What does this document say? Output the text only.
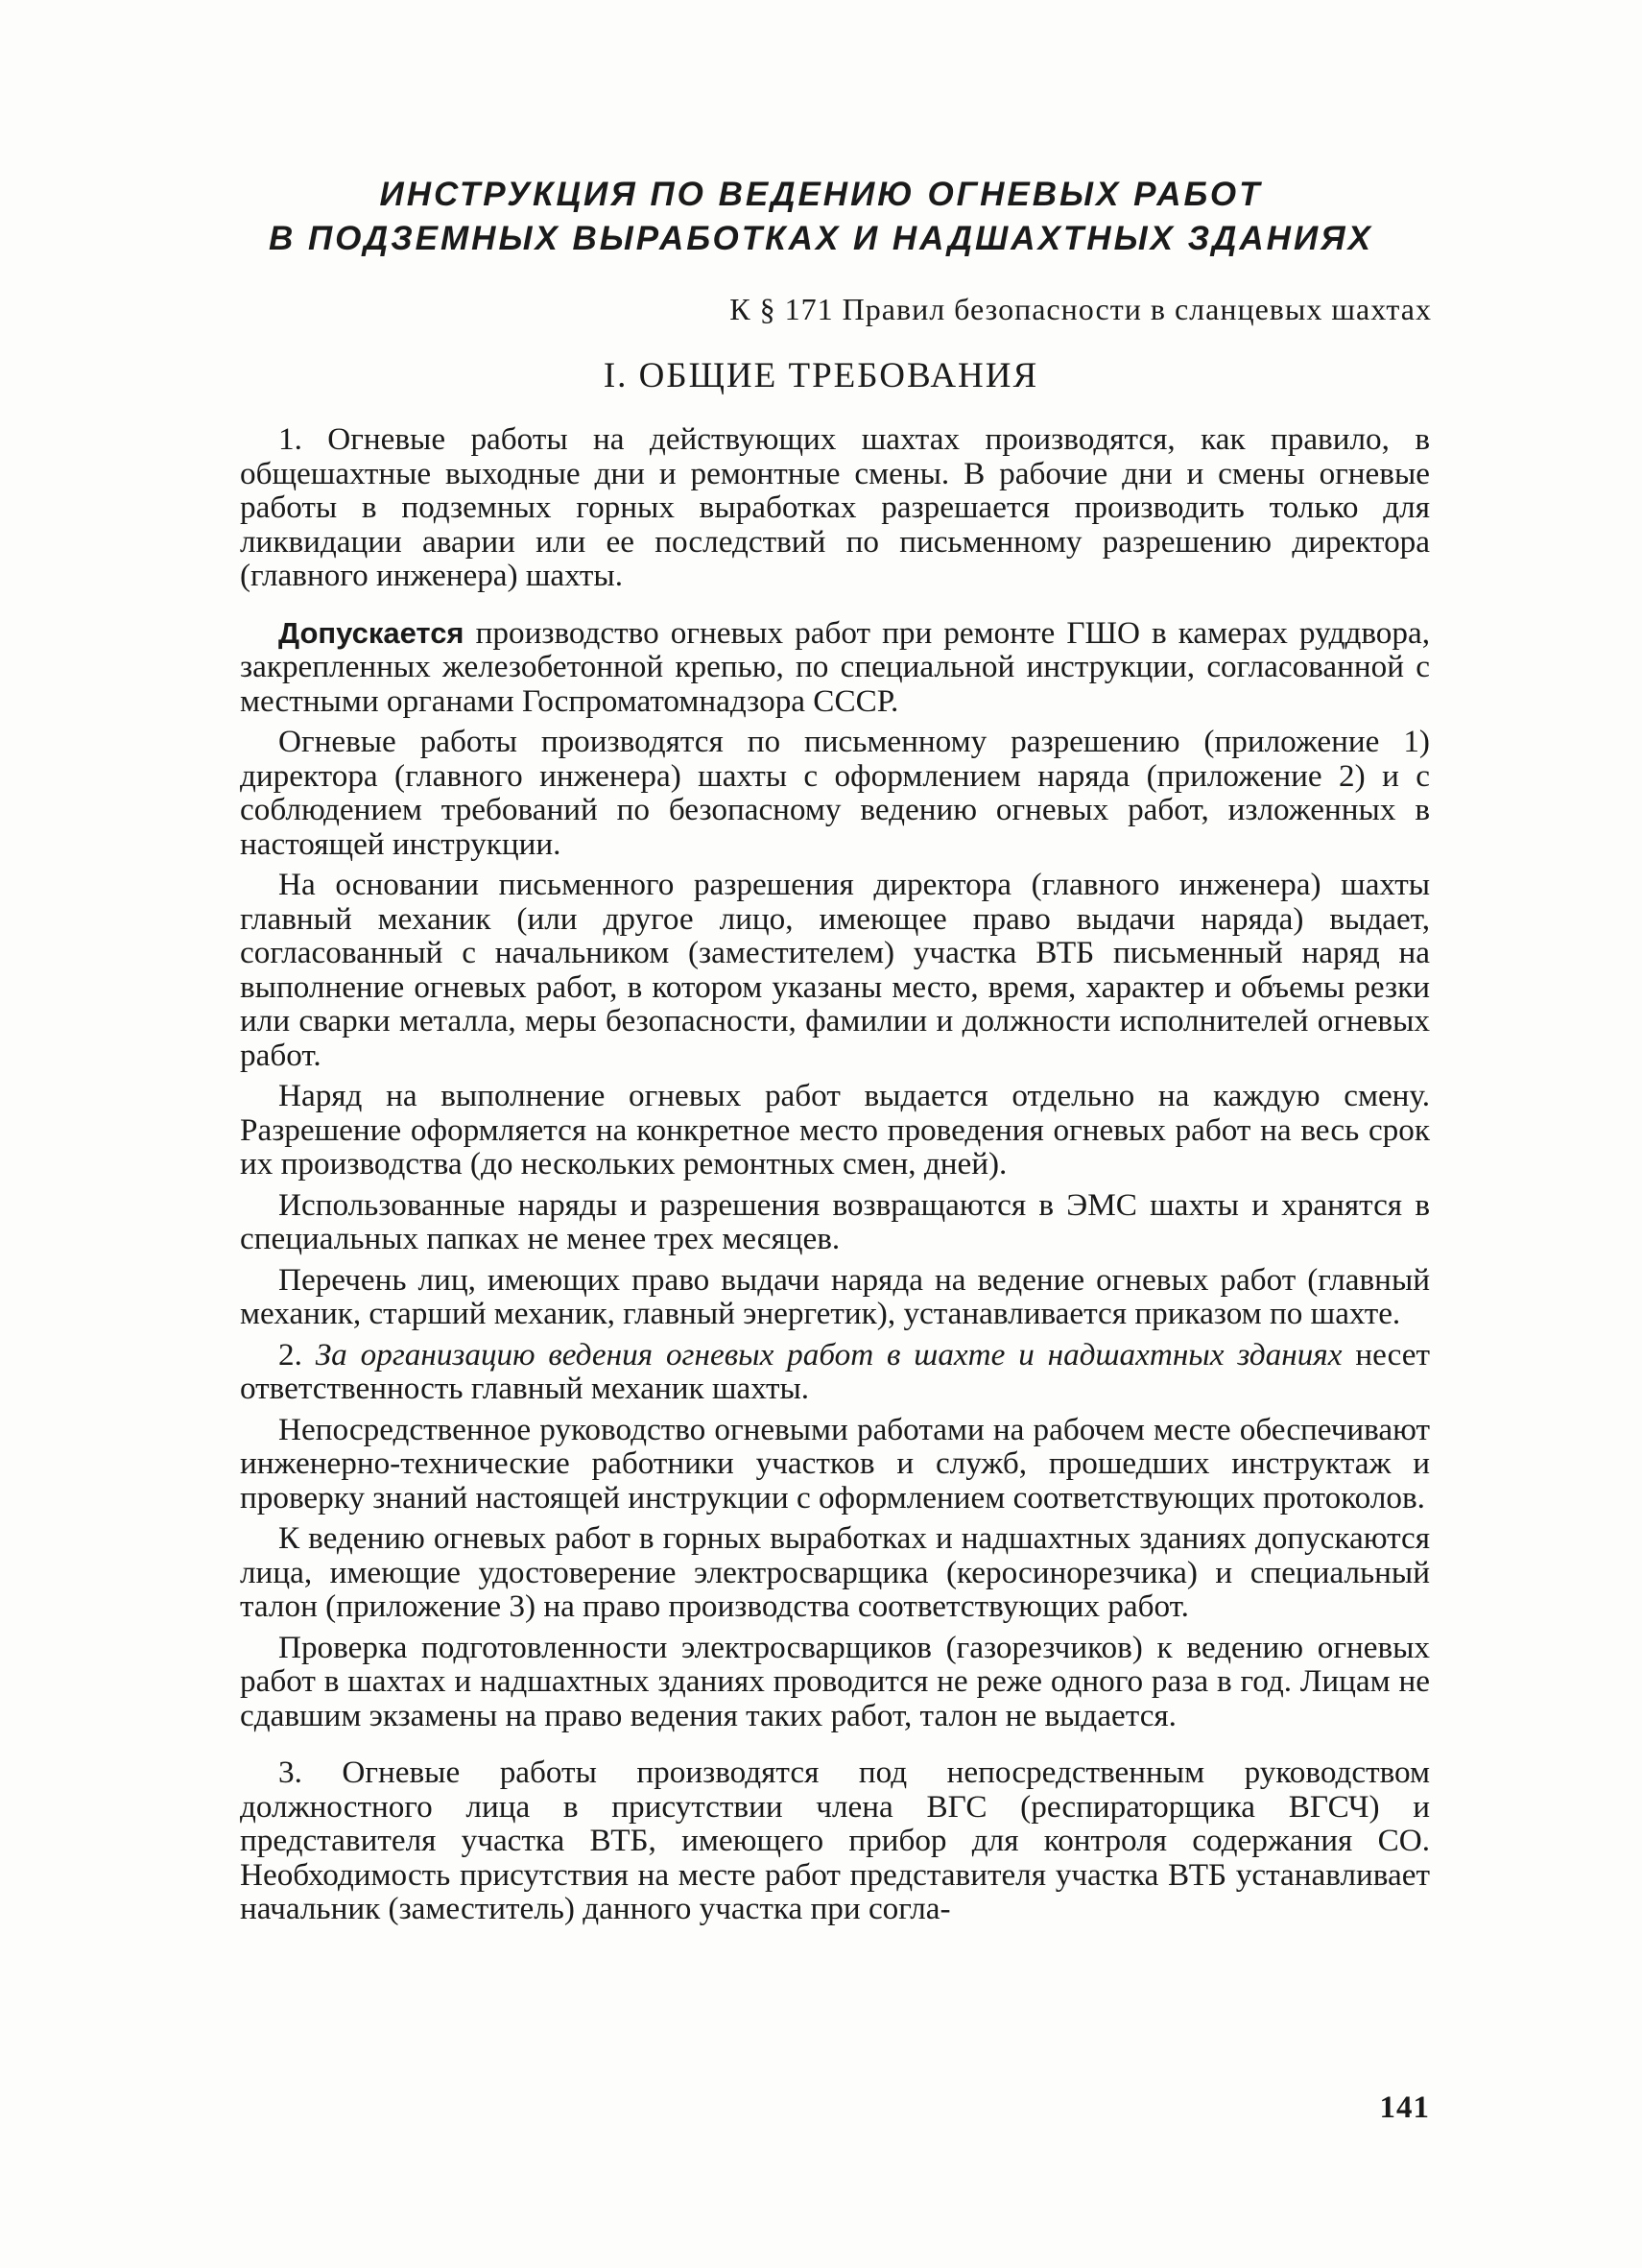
ИНСТРУКЦИЯ ПО ВЕДЕНИЮ ОГНЕВЫХ РАБОТ
В ПОДЗЕМНЫХ ВЫРАБОТКАХ И НАДШАХТНЫХ ЗДАНИЯХ
К § 171 Правил безопасности в сланцевых шахтах
I. ОБЩИЕ ТРЕБОВАНИЯ

1. Огневые работы на действующих шахтах производятся, как правило, в общешахтные выходные дни и ремонтные смены. В рабочие дни и смены огневые работы в подземных горных выработках разрешается производить только для ликвидации аварии или ее последствий по письменному разрешению директора (главного инженера) шахты.

Допускается производство огневых работ при ремонте ГШО в камерах руддвора, закрепленных железобетонной крепью, по специальной инструкции, согласованной с местными органами Госпроматомнадзора СССР.

Огневые работы производятся по письменному разрешению (приложение 1) директора (главного инженера) шахты с оформлением наряда (приложение 2) и с соблюдением требований по безопасному ведению огневых работ, изложенных в настоящей инструкции.

На основании письменного разрешения директора (главного инженера) шахты главный механик (или другое лицо, имеющее право выдачи наряда) выдает, согласованный с начальником (заместителем) участка ВТБ письменный наряд на выполнение огневых работ, в котором указаны место, время, характер и объемы резки или сварки металла, меры безопасности, фамилии и должности исполнителей огневых работ.

Наряд на выполнение огневых работ выдается отдельно на каждую смену. Разрешение оформляется на конкретное место проведения огневых работ на весь срок их производства (до нескольких ремонтных смен, дней).

Использованные наряды и разрешения возвращаются в ЭМС шахты и хранятся в специальных папках не менее трех месяцев.

Перечень лиц, имеющих право выдачи наряда на ведение огневых работ (главный механик, старший механик, главный энергетик), устанавливается приказом по шахте.

2. За организацию ведения огневых работ в шахте и надшахтных зданиях несет ответственность главный механик шахты.

Непосредственное руководство огневыми работами на рабочем месте обеспечивают инженерно-технические работники участков и служб, прошедших инструктаж и проверку знаний настоящей инструкции с оформлением соответствующих протоколов.

К ведению огневых работ в горных выработках и надшахтных зданиях допускаются лица, имеющие удостоверение электросварщика (керосинорезчика) и специальный талон (приложение 3) на право производства соответствующих работ.

Проверка подготовленности электросварщиков (газорезчиков) к ведению огневых работ в шахтах и надшахтных зданиях проводится не реже одного раза в год. Лицам не сдавшим экзамены на право ведения таких работ, талон не выдается.

3. Огневые работы производятся под непосредственным руководством должностного лица в присутствии члена ВГС (респираторщика ВГСЧ) и представителя участка ВТБ, имеющего прибор для контроля содержания СО. Необходимость присутствия на месте работ представителя участка ВТБ устанавливает начальник (заместитель) данного участка при согла-

141
